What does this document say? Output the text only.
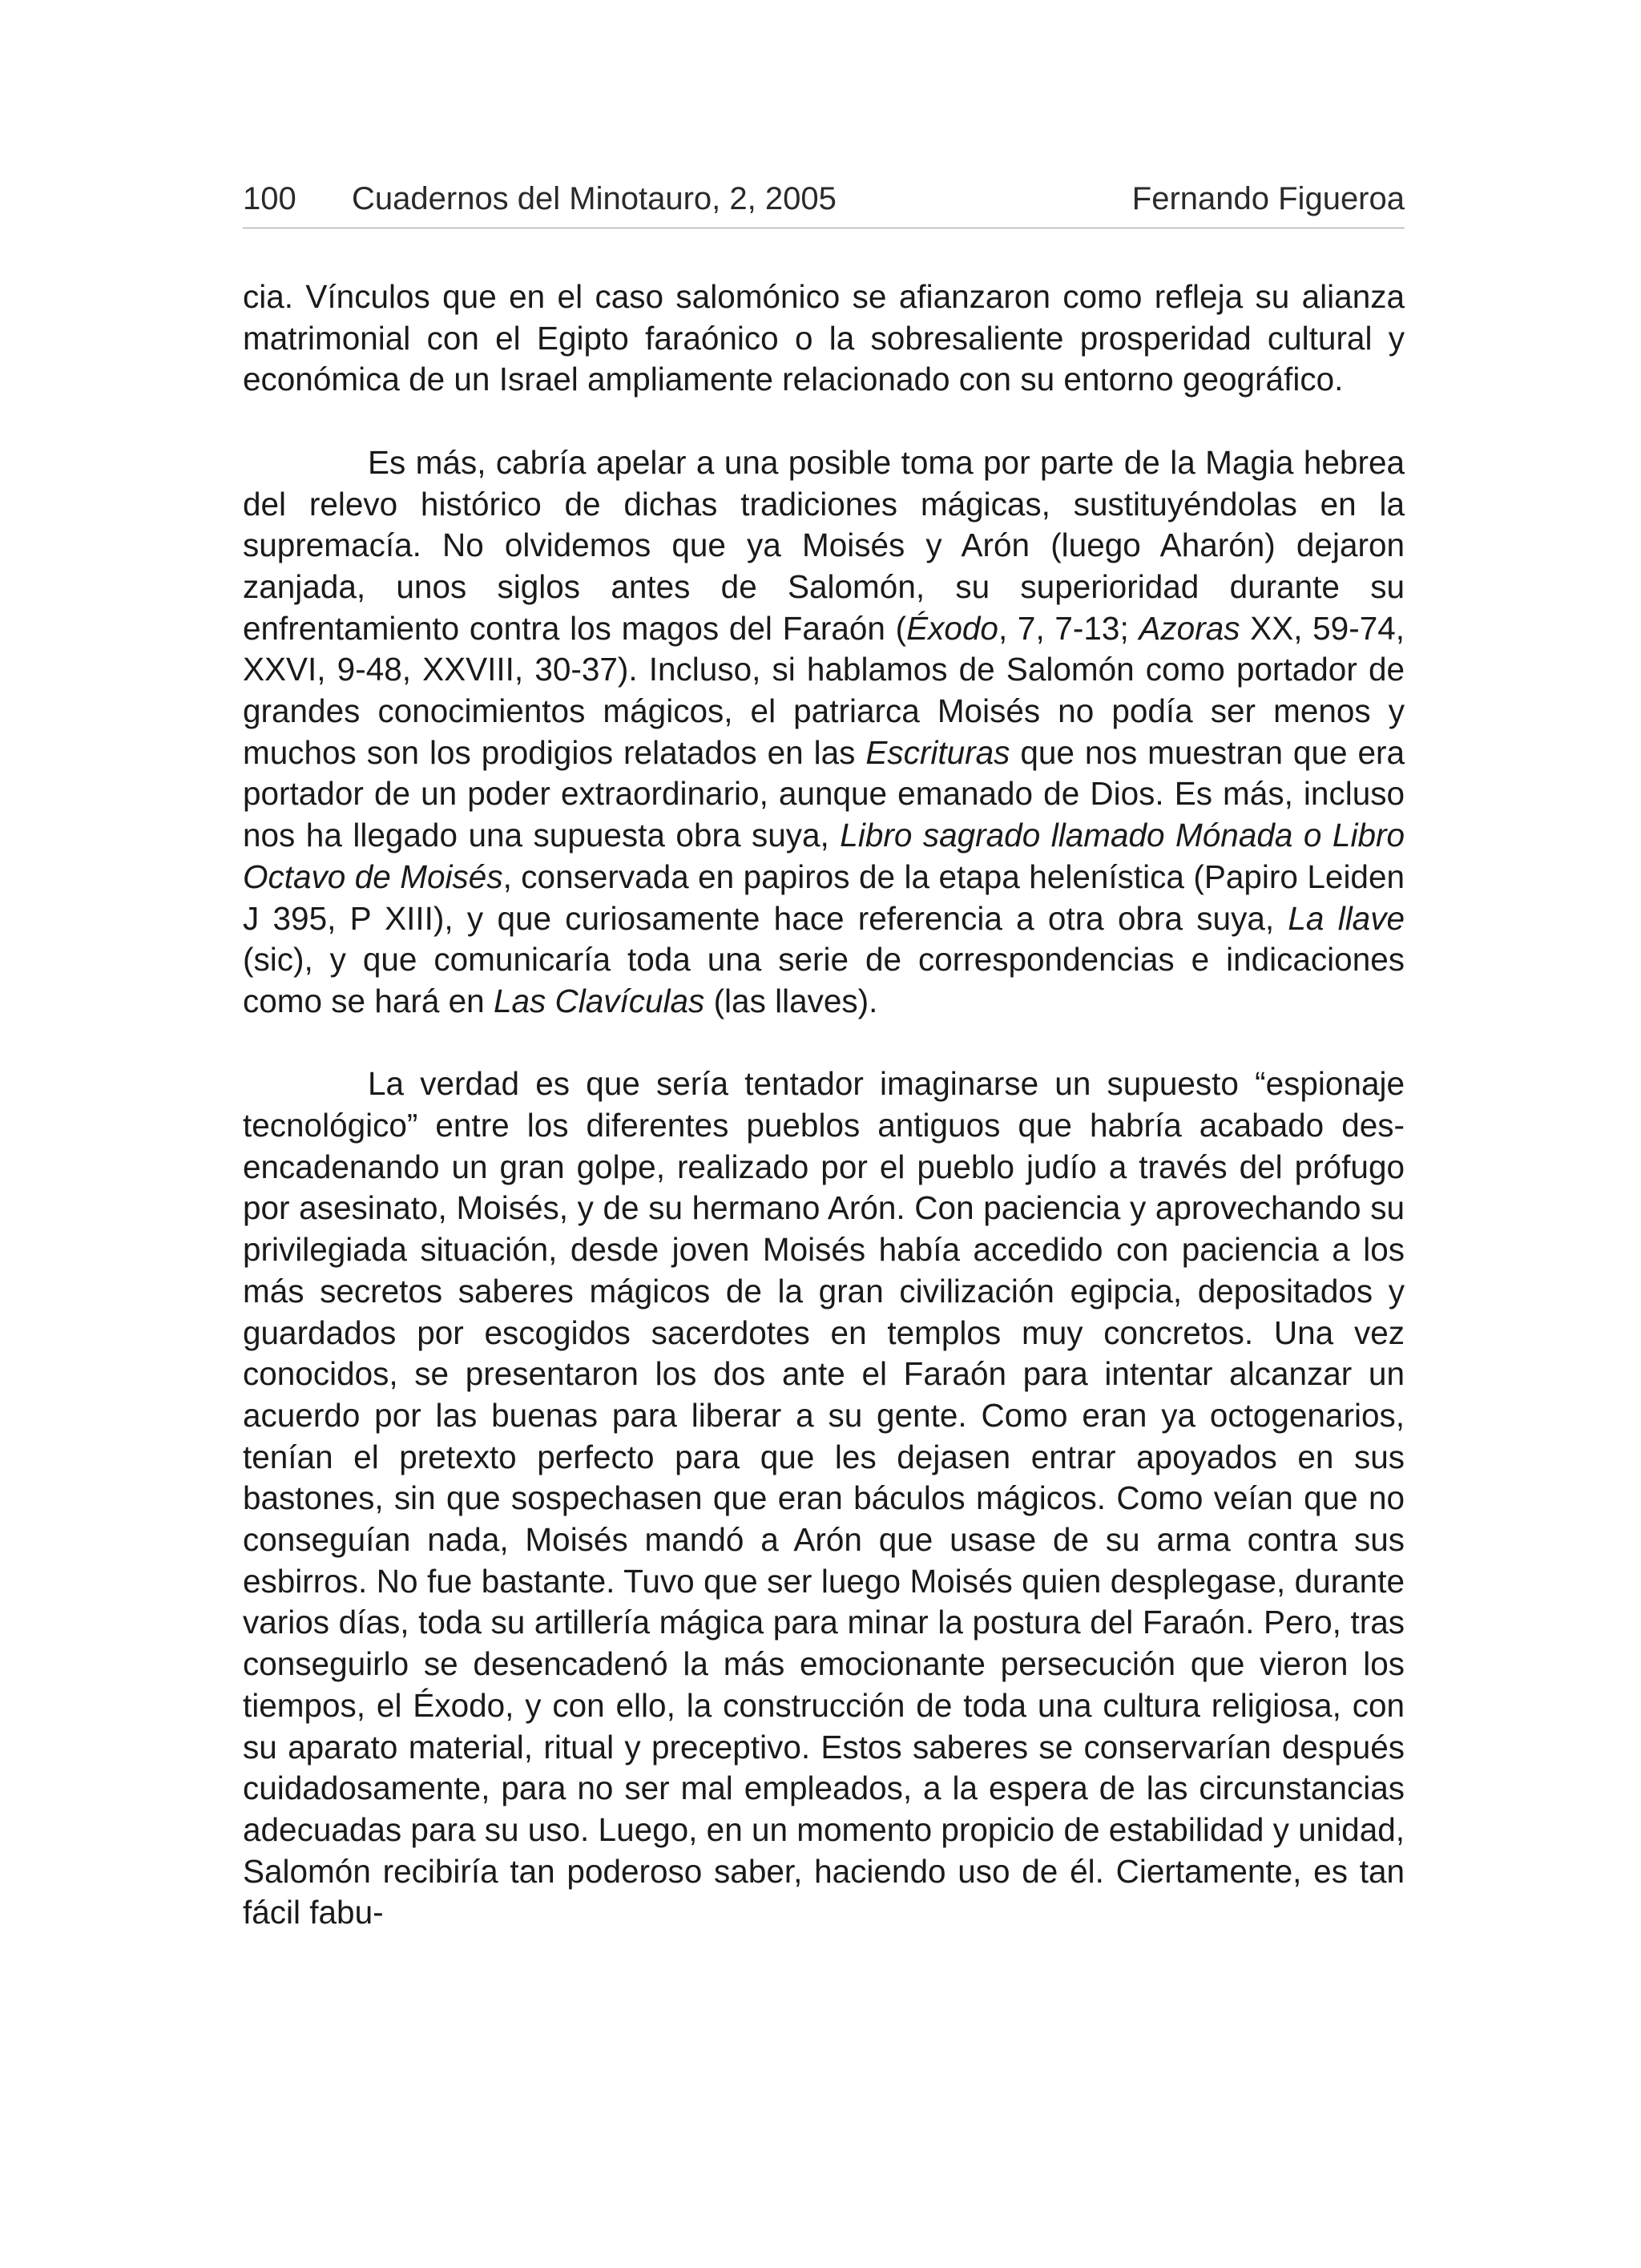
100	Cuadernos del Minotauro, 2, 2005	Fernando Figueroa

cia. Vínculos que en el caso salomónico se afianzaron como refleja su alianza matrimonial con el Egipto faraónico o la sobresaliente prosperidad cultural y económica de un Israel ampliamente relacionado con su entorno geográfico.

Es más, cabría apelar a una posible toma por parte de la Magia hebrea del relevo histórico de dichas tradiciones mágicas, sustituyéndolas en la supremacía. No olvidemos que ya Moisés y Arón (luego Aharón) dejaron zanjada, unos siglos antes de Salomón, su superioridad durante su enfrentamiento contra los magos del Faraón (Éxodo, 7, 7-13; Azoras XX, 59-74, XXVI, 9-48, XXVIII, 30-37). Incluso, si hablamos de Salomón como portador de grandes conocimientos mágicos, el patriarca Moisés no podía ser menos y muchos son los prodigios relatados en las Escrituras que nos muestran que era portador de un poder extraordinario, aunque emanado de Dios. Es más, incluso nos ha llegado una supuesta obra suya, Libro sagrado llamado Mónada o Libro Octavo de Moisés, conservada en papiros de la etapa helenística (Papiro Leiden J 395, P XIII), y que curiosamente hace referencia a otra obra suya, La llave (sic), y que comunicaría toda una serie de correspondencias e indicaciones como se hará en Las Clavículas (las llaves).

La verdad es que sería tentador imaginarse un supuesto “espionaje tecnológico” entre los diferentes pueblos antiguos que habría acabado desencadenando un gran golpe, realizado por el pueblo judío a través del prófugo por asesinato, Moisés, y de su hermano Arón. Con paciencia y aprovechando su privilegiada situación, desde joven Moisés había accedido con paciencia a los más secretos saberes mágicos de la gran civilización egipcia, depositados y guardados por escogidos sacerdotes en templos muy concretos. Una vez conocidos, se presentaron los dos ante el Faraón para intentar alcanzar un acuerdo por las buenas para liberar a su gente. Como eran ya octogenarios, tenían el pretexto perfecto para que les dejasen entrar apoyados en sus bastones, sin que sospechasen que eran báculos mágicos. Como veían que no conseguían nada, Moisés mandó a Arón que usase de su arma contra sus esbirros. No fue bastante. Tuvo que ser luego Moisés quien desplegase, durante varios días, toda su artillería mágica para minar la postura del Faraón. Pero, tras conseguirlo se desencadenó la más emocionante persecución que vieron los tiempos, el Éxodo, y con ello, la construcción de toda una cultura religiosa, con su aparato material, ritual y preceptivo. Estos saberes se conservarían después cuidadosamente, para no ser mal empleados, a la espera de las circunstancias adecuadas para su uso. Luego, en un momento propicio de estabilidad y unidad, Salomón recibiría tan poderoso saber, haciendo uso de él. Ciertamente, es tan fácil fabu-
